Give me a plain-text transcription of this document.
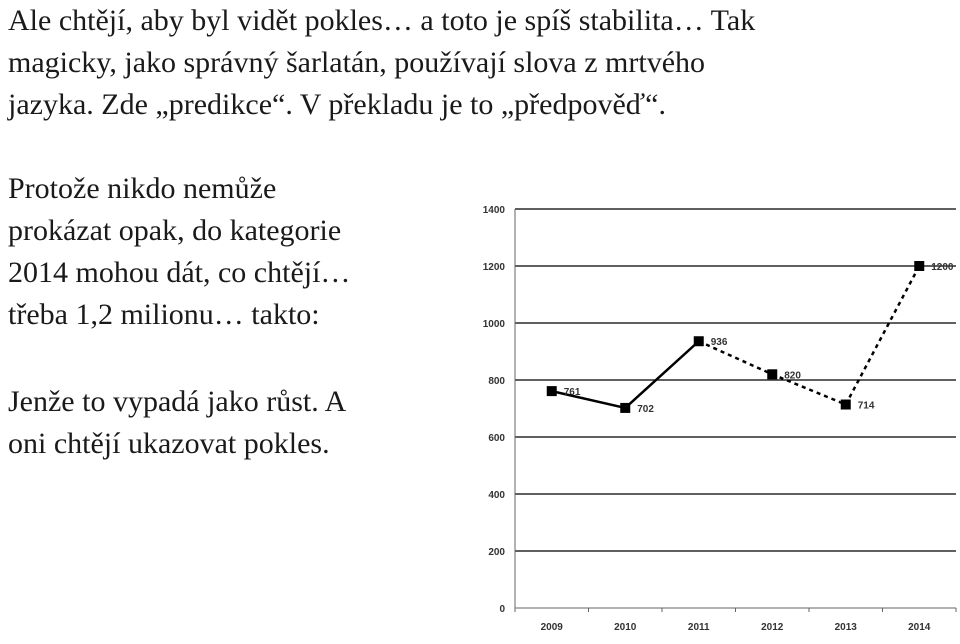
Ale chtějí, aby byl vidět pokles… a toto je spíš stabilita… Tak
magicky, jako správný šarlatán, používají slova z mrtvého
jazyka. Zde „predikce“. V překladu je to „předpověď“.
Protože nikdo nemůže
prokázat opak, do kategorie
2014 mohou dát, co chtějí…
třeba 1,2 milionu… takto:
Jenže to vypadá jako růst. A
oni chtějí ukazovat pokles.
0
200
400
600
800
1000
1200
1400
2009	2010	2011	2012	2013	2014
761
702
936
820
714
1200
